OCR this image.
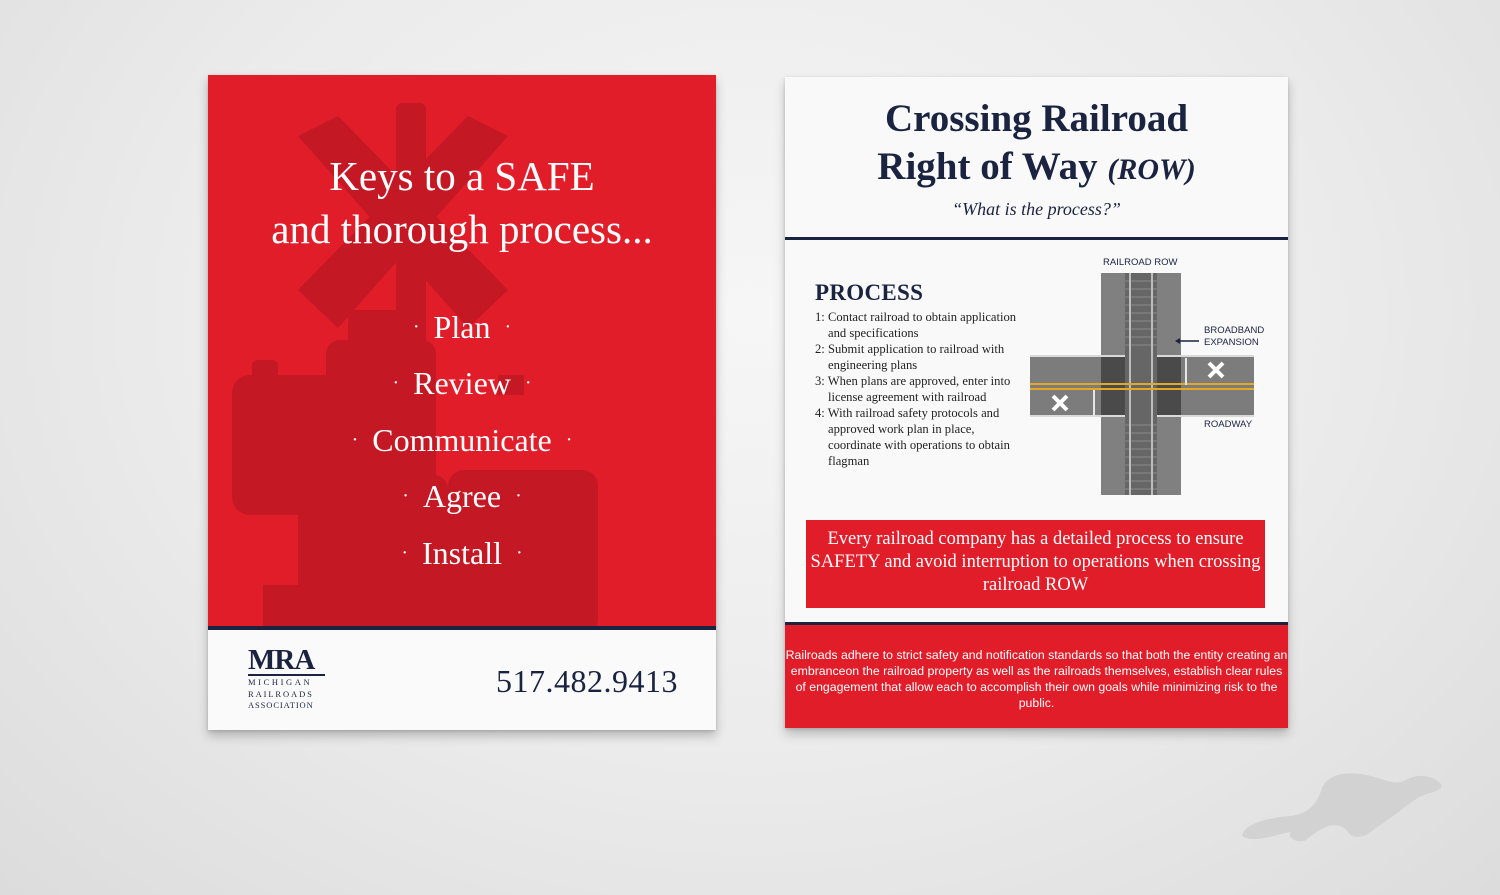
Keys to a SAFE
and thorough process...
· Plan ·
· Review ·
· Communicate ·
· Agree ·
· Install ·
MRA
MICHIGAN
RAILROADS
ASSOCIATION
517.482.9413
Crossing Railroad
Right of Way (ROW)
“What is the process?”
PROCESS
1: Contact railroad to obtain application and specifications
2: Submit application to railroad with engineering plans
3: When plans are approved, enter into license agreement with railroad
4: With railroad safety protocols and approved work plan in place, coordinate with operations to obtain flagman
RAILROAD ROW
BROADBAND
EXPANSION
ROADWAY
Every railroad company has a detailed process to ensure SAFETY and avoid interruption to operations when crossing railroad ROW
Railroads adhere to strict safety and notification standards so that both the entity creating an embranceon the railroad property as well as the railroads themselves, establish clear rules of engagement that allow each to accomplish their own goals while minimizing risk to the public.
